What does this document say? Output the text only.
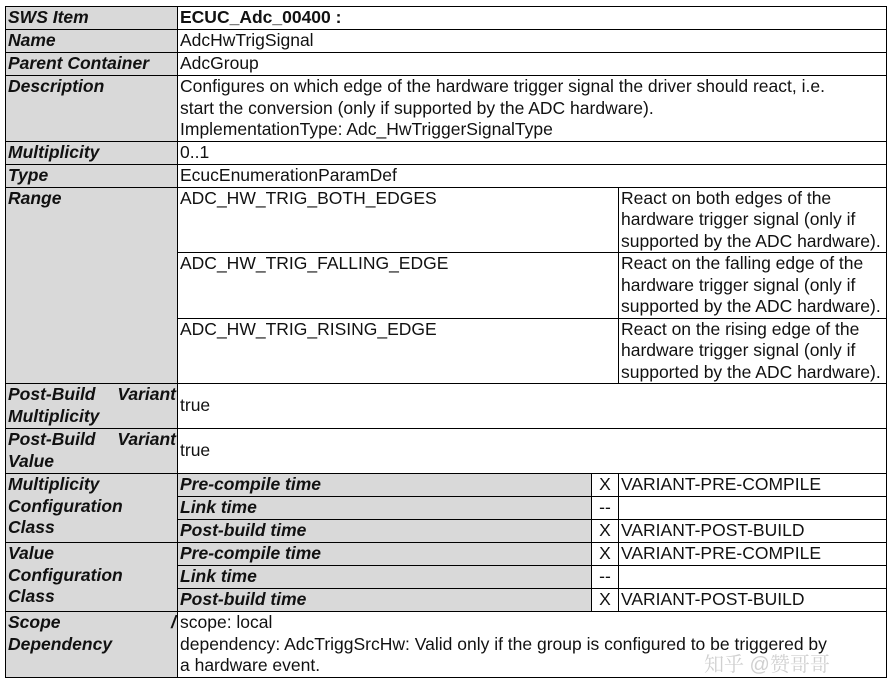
SWS Item	ECUC_Adc_00400 :		
Name	AdcHwTrigSignal		
Parent Container	AdcGroup		
Description	Configures on which edge of the hardware trigger signal the driver should react, i.e.
start the conversion (only if supported by the ADC hardware).
ImplementationType: Adc_HwTriggerSignalType		

Multiplicity	0..1		
Type	EcucEnumerationParamDef		
Range	ADC_HW_TRIG_BOTH_EDGES		React on both edges of the
hardware trigger signal (only if
supported by the ADC hardware).

	ADC_HW_TRIG_FALLING_EDGE		React on the falling edge of the
hardware trigger signal (only if
supported by the ADC hardware).

	ADC_HW_TRIG_RISING_EDGE		React on the rising edge of the
hardware trigger signal (only if
supported by the ADC hardware).

Post-Build Variant
Multiplicity	true		

Post-Build Variant
Value	true		

Multiplicity
Configuration
Class	Pre-compile time	X	VARIANT-PRE-COMPILE
	Link time	--	
	Post-build time	X	VARIANT-POST-BUILD

Value
Configuration
Class	Pre-compile time	X	VARIANT-PRE-COMPILE
	Link time	--	
	Post-build time	X	VARIANT-POST-BUILD

Scope /
Dependency	scope: local
dependency: AdcTriggSrcHw: Valid only if the group is configured to be triggered by
a hardware event.			知乎 @赞哥哥
